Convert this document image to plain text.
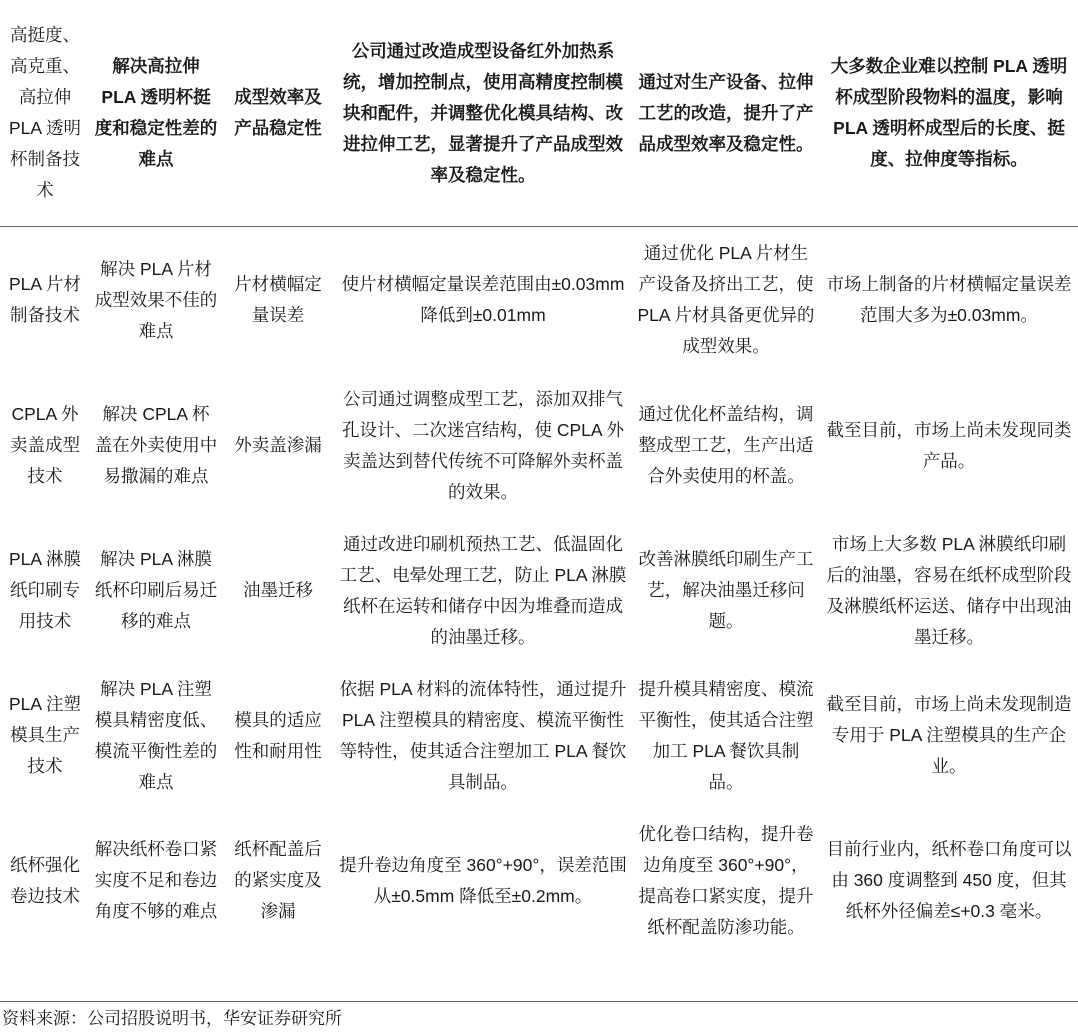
高挺度、高克重、高拉伸 PLA 透明杯制备技术	解决高拉伸 PLA 透明杯挺度和稳定性差的难点	成型效率及产品稳定性	公司通过改造成型设备红外加热系统，增加控制点，使用高精度控制模块和配件，并调整优化模具结构、改进拉伸工艺，显著提升了产品成型效率及稳定性。	通过对生产设备、拉伸工艺的改造，提升了产品成型效率及稳定性。	大多数企业难以控制 PLA 透明杯成型阶段物料的温度，影响 PLA 透明杯成型后的长度、挺度、拉伸度等指标。
PLA 片材制备技术	解决 PLA 片材成型效果不佳的难点	片材横幅定量误差	使片材横幅定量误差范围由±0.03mm 降低到±0.01mm	通过优化 PLA 片材生产设备及挤出工艺，使 PLA 片材具备更优异的成型效果。	市场上制备的片材横幅定量误差范围大多为±0.03mm。
CPLA 外卖盖成型技术	解决 CPLA 杯盖在外卖使用中易撒漏的难点	外卖盖渗漏	公司通过调整成型工艺，添加双排气孔设计、二次迷宫结构，使 CPLA 外卖盖达到替代传统不可降解外卖杯盖的效果。	通过优化杯盖结构，调整成型工艺，生产出适合外卖使用的杯盖。	截至目前，市场上尚未发现同类产品。
PLA 淋膜纸印刷专用技术	解决 PLA 淋膜纸杯印刷后易迁移的难点	油墨迁移	通过改进印刷机预热工艺、低温固化工艺、电晕处理工艺，防止 PLA 淋膜纸杯在运转和储存中因为堆叠而造成的油墨迁移。	改善淋膜纸印刷生产工艺，解决油墨迁移问题。	市场上大多数 PLA 淋膜纸印刷后的油墨，容易在纸杯成型阶段及淋膜纸杯运送、储存中出现油墨迁移。
PLA 注塑模具生产技术	解决 PLA 注塑模具精密度低、模流平衡性差的难点	模具的适应性和耐用性	依据 PLA 材料的流体特性，通过提升 PLA 注塑模具的精密度、模流平衡性等特性，使其适合注塑加工 PLA 餐饮具制品。	提升模具精密度、模流平衡性，使其适合注塑加工 PLA 餐饮具制品。	截至目前，市场上尚未发现制造专用于 PLA 注塑模具的生产企业。
纸杯强化卷边技术	解决纸杯卷口紧实度不足和卷边角度不够的难点	纸杯配盖后的紧实度及渗漏	提升卷边角度至 360°+90°，误差范围从±0.5mm 降低至±0.2mm。	优化卷口结构，提升卷边角度至 360°+90°，提高卷口紧实度，提升纸杯配盖防渗功能。	目前行业内，纸杯卷口角度可以由 360 度调整到 450 度，但其纸杯外径偏差≤+0.3 毫米。
资料来源：公司招股说明书，华安证券研究所
